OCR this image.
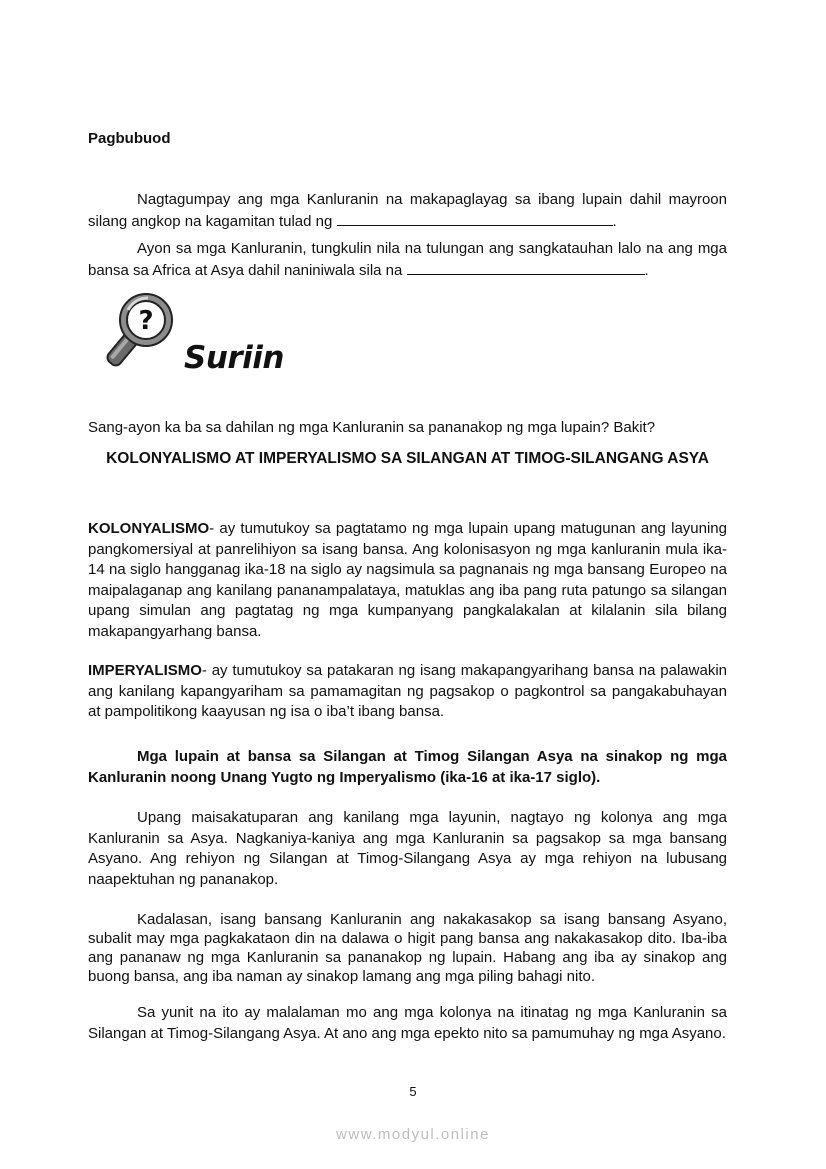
Pagbubuod
Nagtagumpay ang mga Kanluranin na makapaglayag sa ibang lupain dahil mayroon silang angkop na kagamitan tulad ng	.
Ayon sa mga Kanluranin, tungkulin nila na tulungan ang sangkatauhan lalo na ang mga bansa sa Africa at Asya dahil naniniwala sila na	.
?
Suriin
Sang-ayon ka ba sa dahilan ng mga Kanluranin sa pananakop ng mga lupain? Bakit?
KOLONYALISMO AT IMPERYALISMO SA SILANGAN AT TIMOG-SILANGANG ASYA
KOLONYALISMO- ay tumutukoy sa pagtatamo ng mga lupain upang matugunan ang layuning pangkomersiyal at panrelihiyon sa isang bansa. Ang kolonisasyon ng mga kanluranin mula ika-14 na siglo hangganag ika-18 na siglo ay nagsimula sa pagnanais ng mga bansang Europeo na maipalaganap ang kanilang pananampalataya, matuklas ang iba pang ruta patungo sa silangan upang simulan ang pagtatag ng mga kumpanyang pangkalakalan at kilalanin sila bilang makapangyarhang bansa.
IMPERYALISMO- ay tumutukoy sa patakaran ng isang makapangyarihang bansa na palawakin ang kanilang kapangyariham sa pamamagitan ng pagsakop o pagkontrol sa pangakabuhayan at pampolitikong kaayusan ng isa o iba’t ibang bansa.
Mga lupain at bansa sa Silangan at Timog Silangan Asya na sinakop ng mga Kanluranin noong Unang Yugto ng Imperyalismo (ika-16 at ika-17 siglo).
Upang maisakatuparan ang kanilang mga layunin, nagtayo ng kolonya ang mga Kanluranin sa Asya. Nagkaniya-kaniya ang mga Kanluranin sa pagsakop sa mga bansang Asyano. Ang rehiyon ng Silangan at Timog-Silangang Asya ay mga rehiyon na lubusang naapektuhan ng pananakop.
Kadalasan, isang bansang Kanluranin ang nakakasakop sa isang bansang Asyano, subalit may mga pagkakataon din na dalawa o higit pang bansa ang nakakasakop dito. Iba-iba ang pananaw ng mga Kanluranin sa pananakop ng lupain. Habang ang iba ay sinakop ang buong bansa, ang iba naman ay sinakop lamang ang mga piling bahagi nito.
Sa yunit na ito ay malalaman mo ang mga kolonya na itinatag ng mga Kanluranin sa Silangan at Timog-Silangang Asya. At ano ang mga epekto nito sa pamumuhay ng mga Asyano.
5
www.modyul.online
